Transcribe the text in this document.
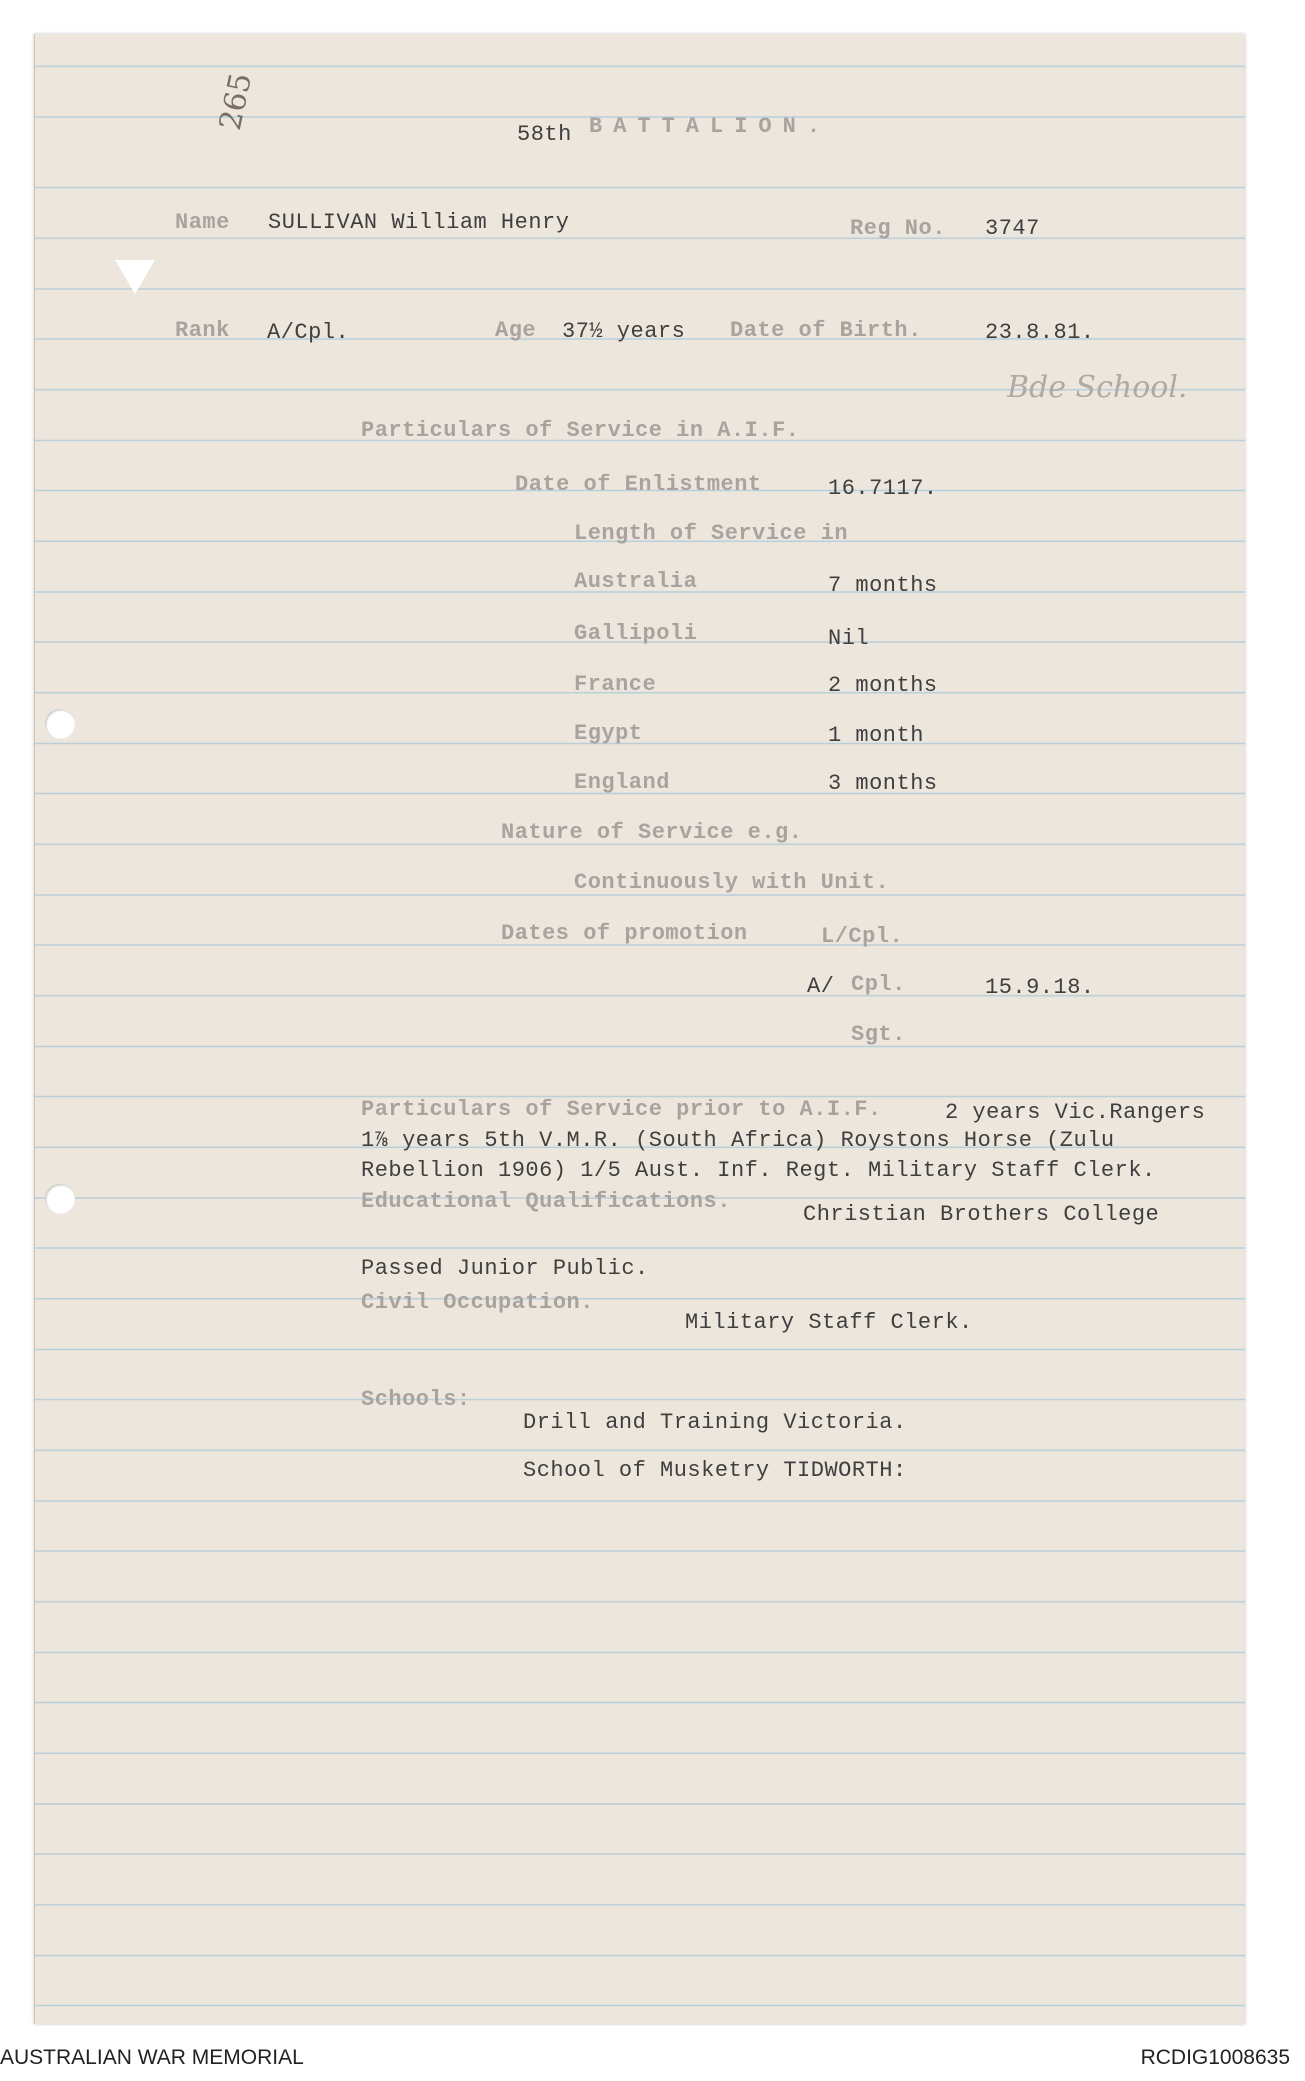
265
58th BATTALION.
Name SULLIVAN William Henry	Reg No. 3747
Rank A/Cpl.	Age 37½ years Date of Birth.	23.8.81.
Bde School.
Particulars of Service in A.I.F.
Date of Enlistment	16.7117.
Length of Service in
Australia	7 months
Gallipoli	Nil
France	2 months
Egypt	1 month
England	3 months
Nature of Service e.g.
Continuously with Unit.
Dates of promotion	L/Cpl.
A/ Cpl.	15.9.18.
Sgt.
Particulars of Service prior to A.I.F.	2 years Vic.Rangers
1⅞ years 5th V.M.R. (South Africa) Roystons Horse (Zulu
Rebellion 1906) 1/5 Aust. Inf. Regt. Military Staff Clerk.
Educational Qualifications.
Christian Brothers College
Passed Junior Public.
Civil Occupation.
Military Staff Clerk.
Schools:
Drill and Training Victoria.
School of Musketry TIDWORTH:
AUSTRALIAN WAR MEMORIAL	RCDIG1008635
